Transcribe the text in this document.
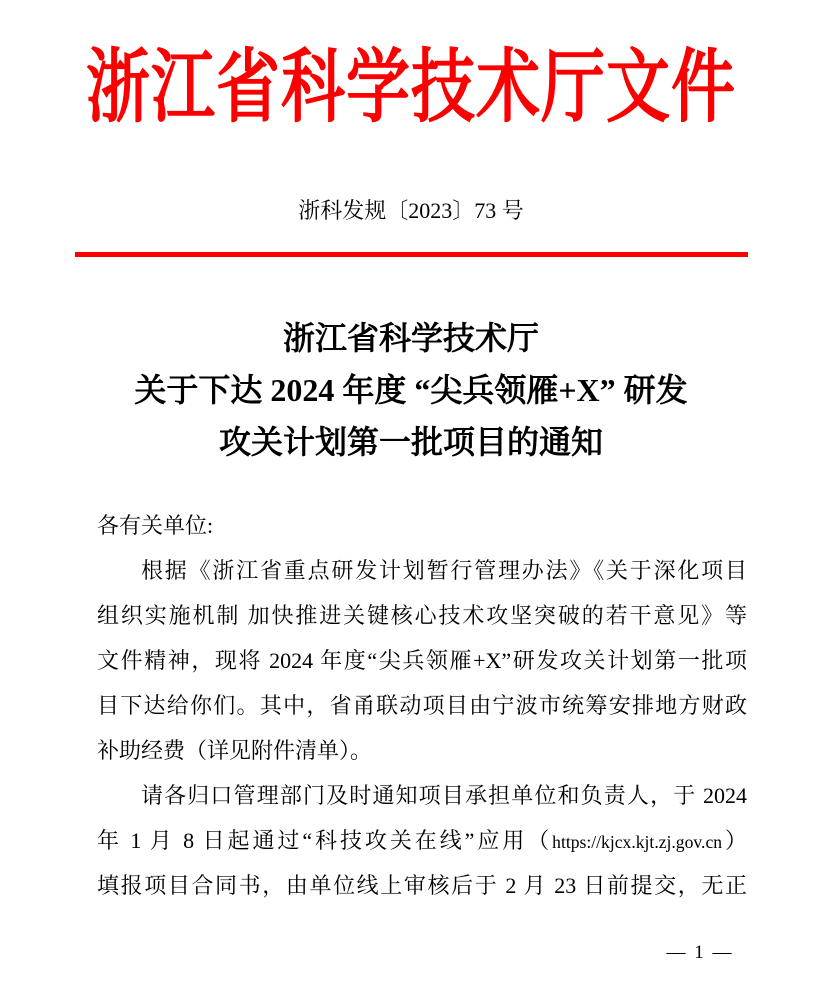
浙江省科学技术厅文件
浙科发规〔2023〕73 号
浙江省科学技术厅
关于下达 2024 年度 “尖兵领雁+X” 研发
攻关计划第一批项目的通知
各有关单位:
根据《浙江省重点研发计划暂行管理办法》《关于深化项目
组织实施机制 加快推进关键核心技术攻坚突破的若干意见》等
文件精神，现将 2024 年度“尖兵领雁+X”研发攻关计划第一批项
目下达给你们。其中，省甬联动项目由宁波市统筹安排地方财政
补助经费（详见附件清单）。
请各归口管理部门及时通知项目承担单位和负责人，于 2024
年 1 月 8 日起通过“科技攻关在线”应用（https://kjcx.kjt.zj.gov.cn）
填报项目合同书，由单位线上审核后于 2 月 23 日前提交，无正
— 1 —
